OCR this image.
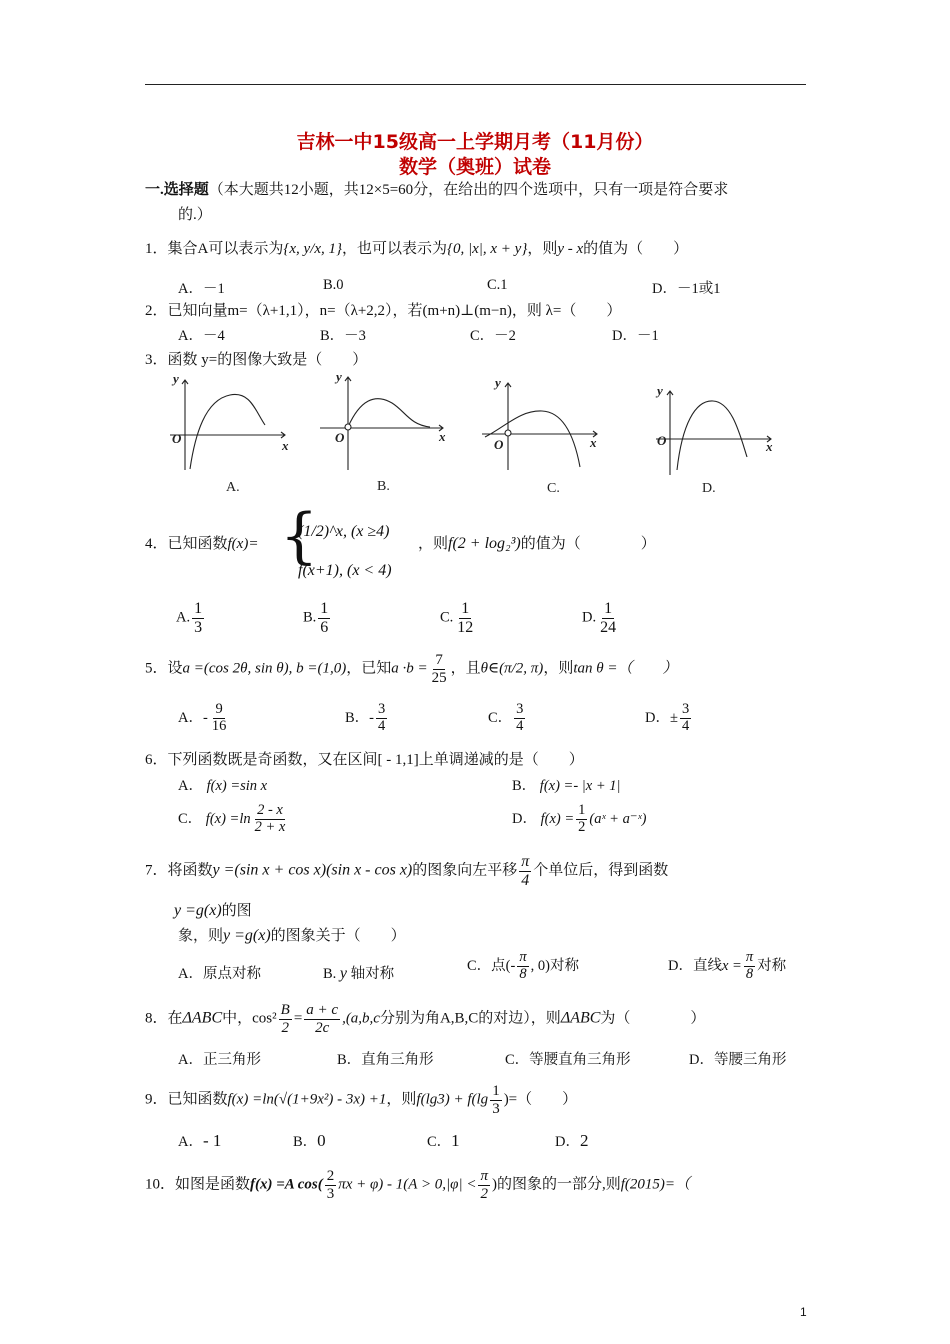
吉林一中15级高一上学期月考（11月份）
数学（奥班）试卷
一.选择题（本大题共12小题，共12×5=60分，在给出的四个选项中，只有一项是符合要求
的.）
1．集合A可以表示为{x, y/x, 1}，也可以表示为{0, |x|, x + y}，则y - x的值为（　　）
A．－1	B.0	C.1	D．－1或1
2．已知向量m=（λ+1,1），n=（λ+2,2），若(m+n)⊥(m−n)，则 λ=（　　）
A．－4	B．－3	C．－2	D．－1
3．函数 y=的图像大致是（　　）
O
y
x
O
y
x
O
y
x	O
y
x
A.	B.	C.	D.
4．已知函数f(x)= {
(1/2)^x, (x ≥4)
f(x+1), (x < 4)
，则f(2 + log₂³)的值为（　　　　）
A. $\frac{1}{3}$	B. $\frac{1}{6}$	C. $\frac{1}{12}$	D. $\frac{1}{24}$
5．设a =(cos 2θ, sin θ), b =(1,0)，已知$a \cdot b = \frac{7}{25}$ ，且θ∈(π/2, π)，则tan θ =（　　）
A．- $\frac{9}{16}$	B．- $\frac{3}{4}$	C． $\frac{3}{4}$	D．± $\frac{3}{4}$
6．下列函数既是奇函数，又在区间[ - 1,1]上单调递减的是（　　）
A． f(x) =sin x	B． f(x) =- |x + 1|
C． $f(x) =\ln \frac{2 - x}{2 + x}$	D． $f(x) = \frac{1}{2}$ (aˣ + a⁻ˣ)
7．将函数y =(sin x + cos x)(sin x - cos x)的图象向左平移 $\frac{\pi}{4}$ 个单位后，得到函数
y =g(x)的图
象，则y =g(x)的图象关于（　　）
A．原点对称	B. y 轴对称
C．点(- $\frac{\pi}{8}$ , 0)对称	D．直线$x = \frac{\pi}{8}$ 对称
8．在ΔABC中，$\cos^2 \frac{B}{2} = \frac{a + c}{2c} ,(a,b,c$分别为角A,B,C的对边），则ΔABC为（　　　　）
A．正三角形	B．直角三角形	C．等腰直角三角形	D．等腰三角形
9．已知函数f(x) =ln(√(1+9x²) - 3x) +1，则$f(\lg 3) + f(\lg \frac{1}{3}$ )=（　　）
A．- 1	B．0	C．1	D．2
10．如图是函数f(x) =A $\cos( \frac{2}{3}$ $\pi x + \varphi) - 1(A > 0,|\varphi| < \frac{\pi}{2}$ )的图象的一部分,则f(2015)=（
1
